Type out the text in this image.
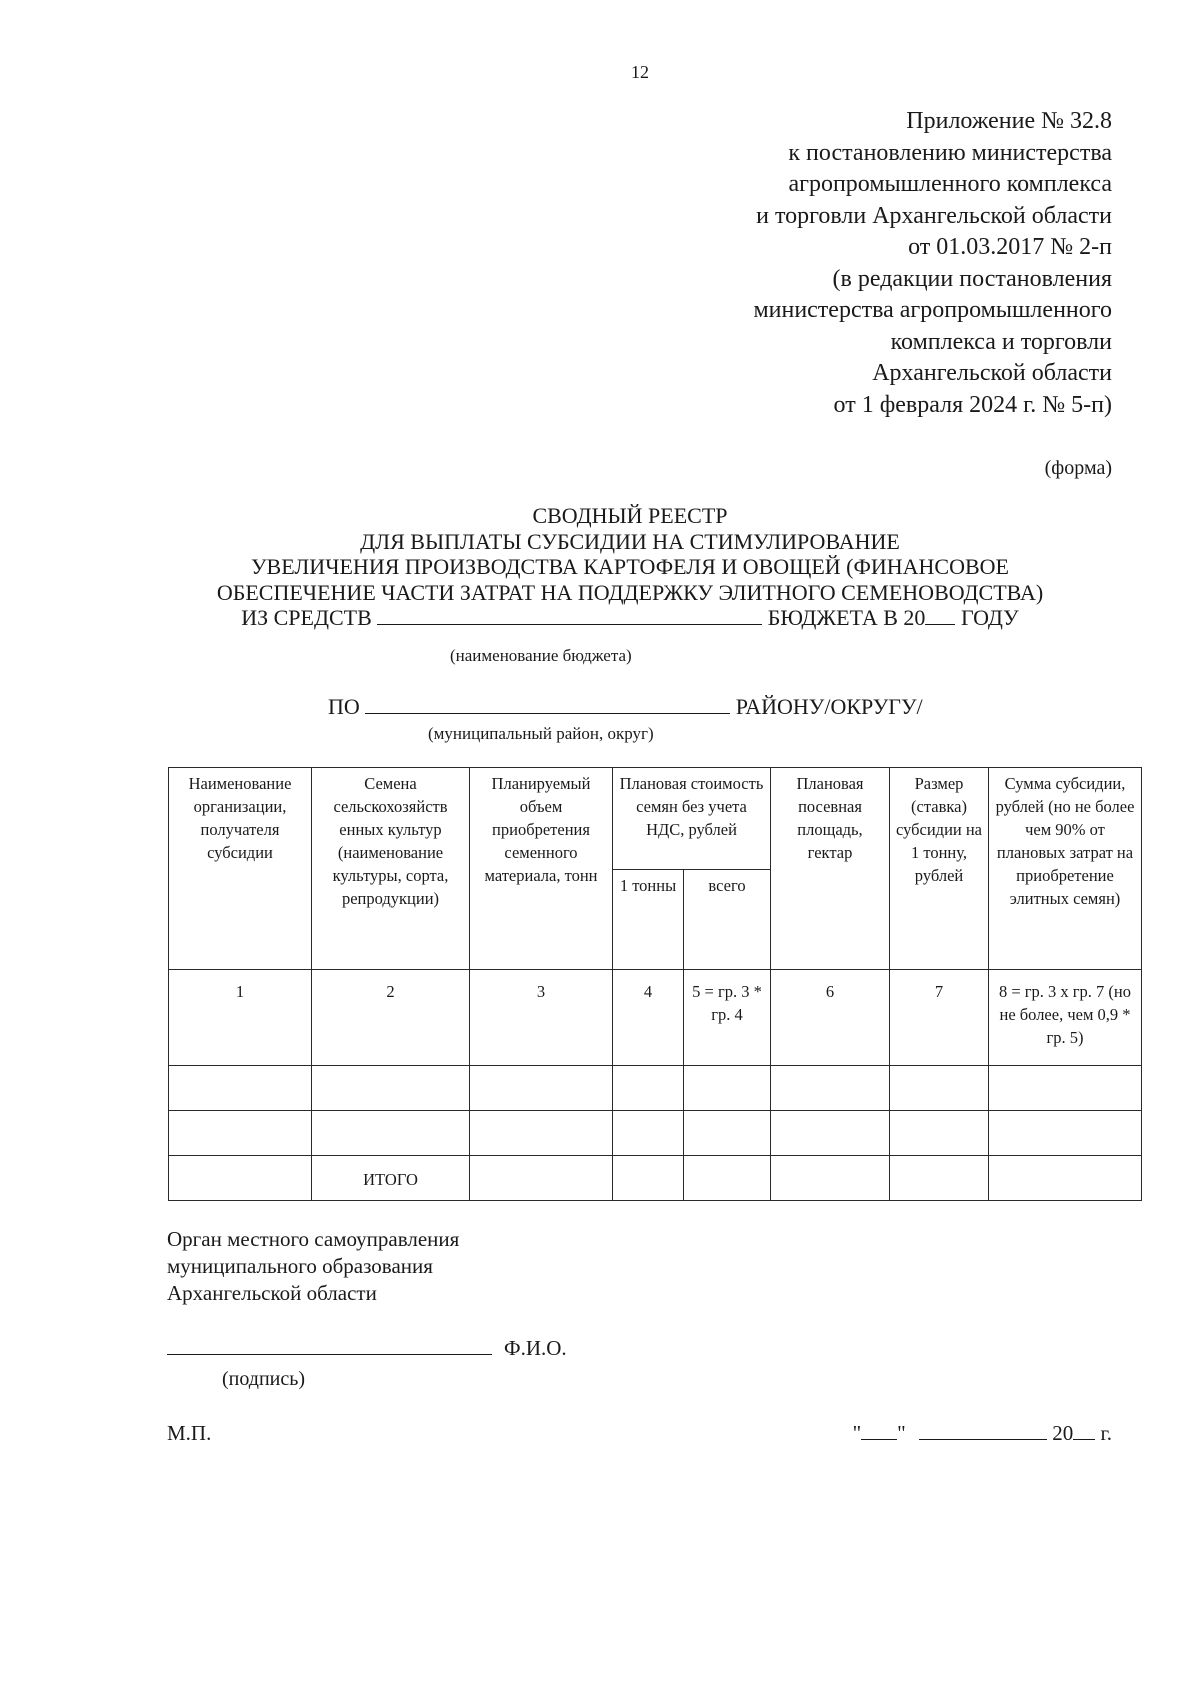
12
Приложение № 32.8
к постановлению министерства
агропромышленного комплекса
и торговли Архангельской области
от 01.03.2017 № 2-п
(в редакции постановления
министерства агропромышленного
комплекса и торговли
Архангельской области
от 1 февраля 2024 г. № 5-п)
(форма)
СВОДНЫЙ РЕЕСТР
ДЛЯ ВЫПЛАТЫ СУБСИДИИ НА СТИМУЛИРОВАНИЕ
УВЕЛИЧЕНИЯ ПРОИЗВОДСТВА КАРТОФЕЛЯ И ОВОЩЕЙ (ФИНАНСОВОЕ
ОБЕСПЕЧЕНИЕ ЧАСТИ ЗАТРАТ НА ПОДДЕРЖКУ ЭЛИТНОГО СЕМЕНОВОДСТВА)
ИЗ СРЕДСТВ	БЮДЖЕТА В 20 ГОДУ
(наименование бюджета)
ПО	РАЙОНУ/ОКРУГУ/
(муниципальный район, округ)
Наименование организации, получателя субсидии	Семена сельскохозяйств енных культур (наименование культуры, сорта, репродукции)	Планируемый объем приобретения семенного материала, тонн	Плановая стоимость семян без учета НДС, рублей		Плановая посевная площадь, гектар	Размер (ставка) субсидии на 1 тонну, рублей	Сумма субсидии, рублей (но не более чем 90% от плановых затрат на приобретение элитных семян)
			1 тонны	всего			
1	2	3	4	5 = гр. 3 * гр. 4	6	7	8 = гр. 3 x гр. 7 (но не более, чем 0,9 * гр. 5)

	ИТОГО						
Орган местного самоуправления
муниципального образования
Архангельской области
Ф.И.О.
(подпись)
М.П.	" "	20 г.
